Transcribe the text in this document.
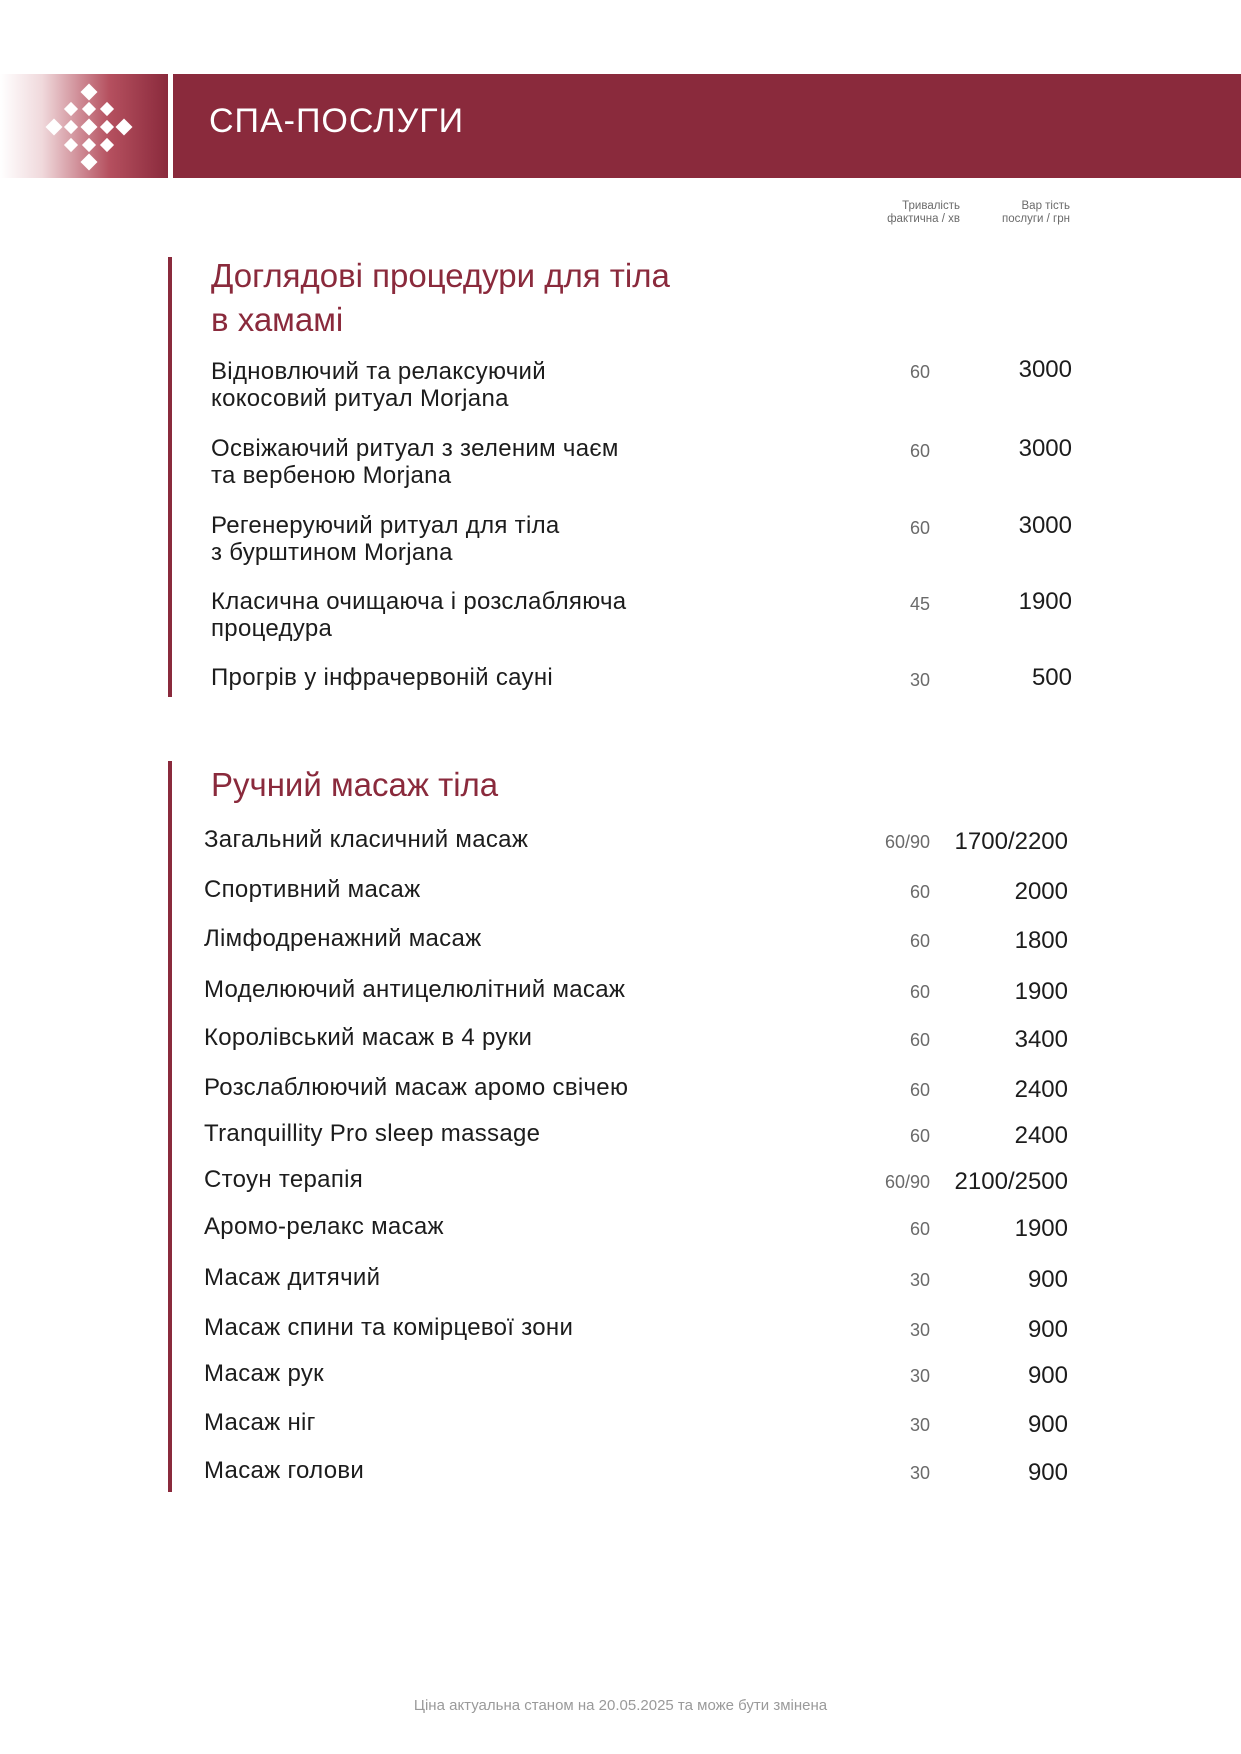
СПА-ПОСЛУГИ
Тривалість
фактична / хв
Вар тість
послуги / грн
Доглядові процедури для тіла
в хамамі
Відновлючий та релаксуючий
кокосовий ритуал Morjana
60	3000
Освіжаючий ритуал з зеленим чаєм
та вербеною Morjana
60	3000
Регенеруючий ритуал для тіла
з бурштином Morjana
60	3000
Класична очищаюча і розслабляюча
процедура
45	1900
Прогрів у інфрачервоній сауні	30	500
Ручний масаж тіла
Загальний класичний масаж	60/90	1700/2200
Спортивний масаж	60	2000
Лімфодренажний масаж	60	1800
Моделюючий антицелюлітний масаж	60	1900
Королівський масаж в 4 руки	60	3400
Розслаблюючий масаж аромо свічею	60	2400
Tranquillity Pro sleep massage	60	2400
Стоун терапія	60/90	2100/2500
Аромо-релакс масаж	60	1900
Масаж дитячий	30	900
Масаж спини та комірцевої зони	30	900
Масаж рук	30	900
Масаж ніг	30	900
Масаж голови	30	900
Ціна актуальна станом на 20.05.2025 та може бути змінена
